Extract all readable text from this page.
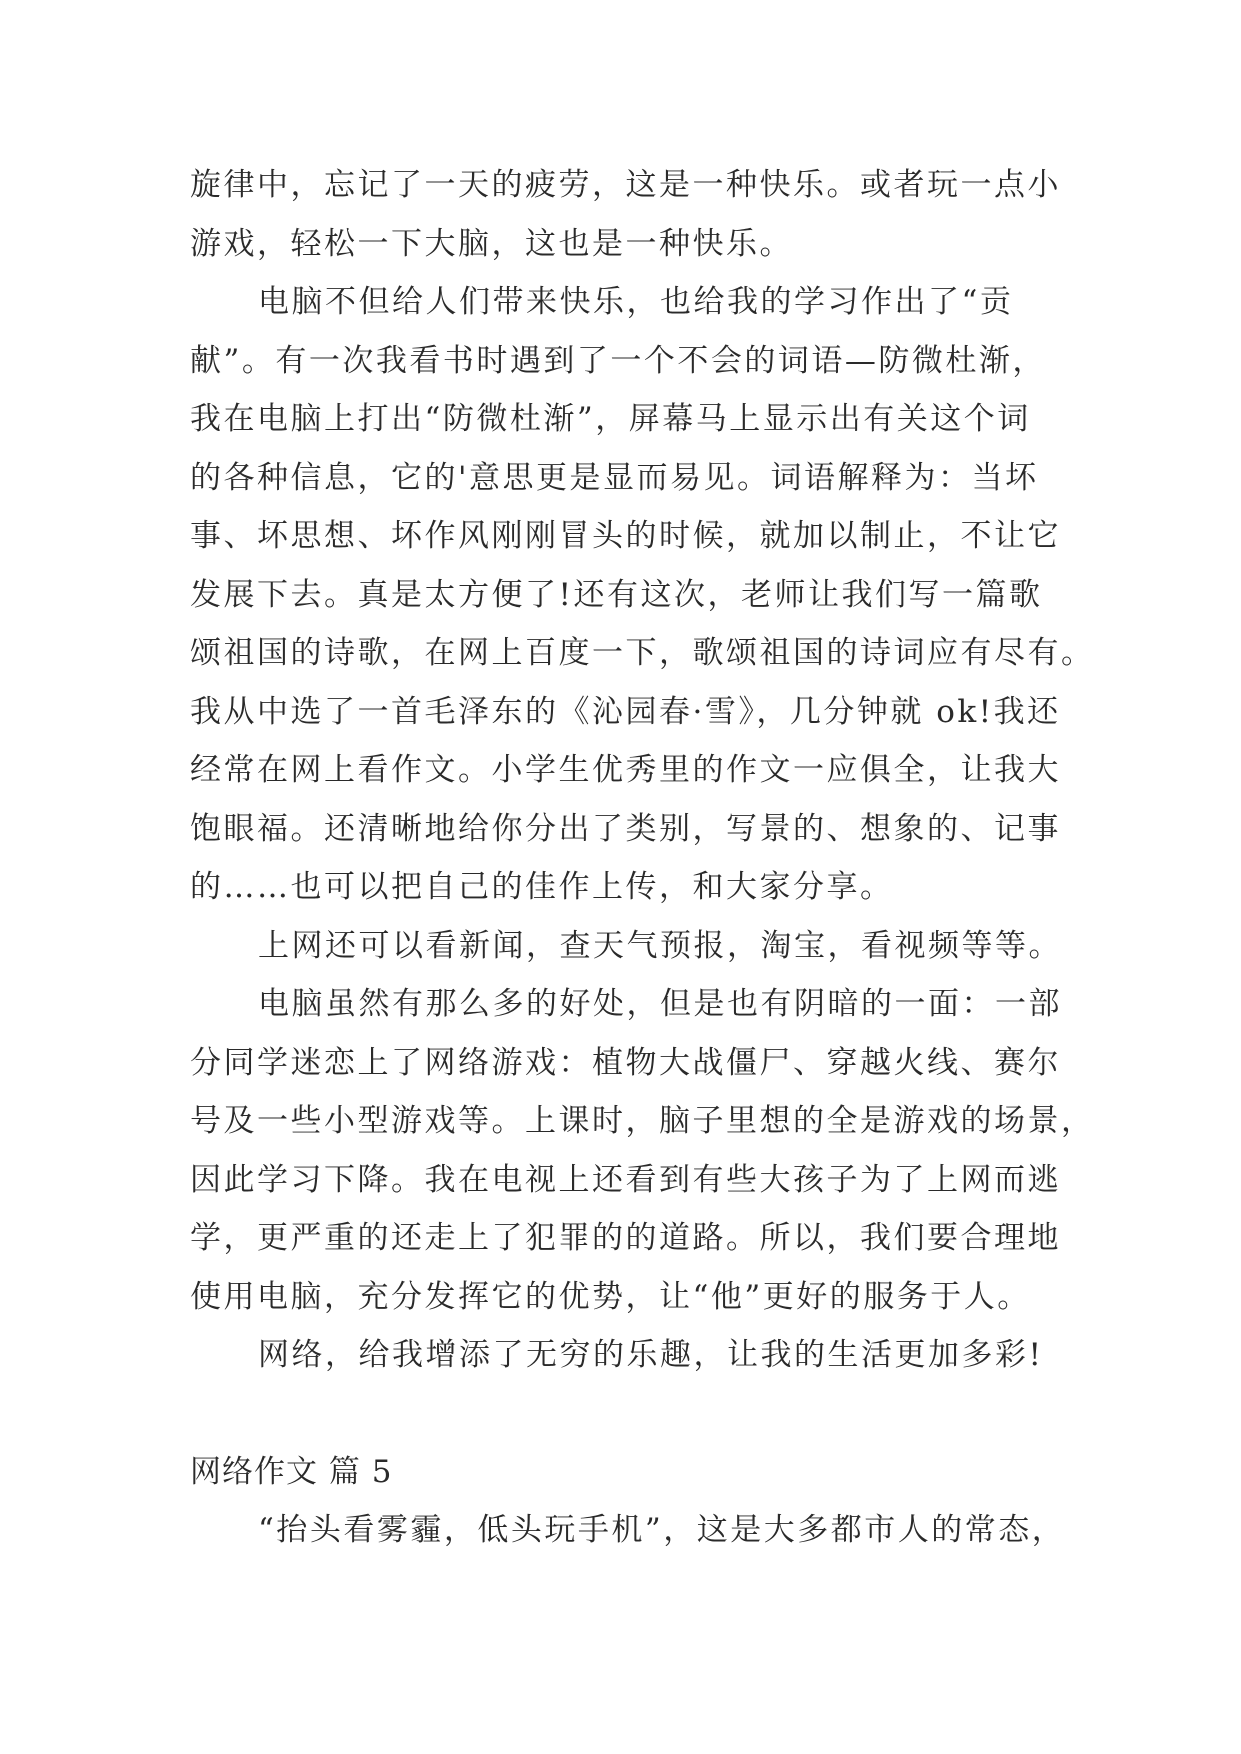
旋律中，忘记了一天的疲劳，这是一种快乐。或者玩一点小
游戏，轻松一下大脑，这也是一种快乐。
电脑不但给人们带来快乐，也给我的学习作出了“贡
献”。有一次我看书时遇到了一个不会的词语—防微杜渐，
我在电脑上打出“防微杜渐”，屏幕马上显示出有关这个词
的各种信息，它的'意思更是显而易见。词语解释为：当坏
事、坏思想、坏作风刚刚冒头的时候，就加以制止，不让它
发展下去。真是太方便了!还有这次，老师让我们写一篇歌
颂祖国的诗歌，在网上百度一下，歌颂祖国的诗词应有尽有。
我从中选了一首毛泽东的《沁园春·雪》，几分钟就 ok!我还
经常在网上看作文。小学生优秀里的作文一应俱全，让我大
饱眼福。还清晰地给你分出了类别，写景的、想象的、记事
的……也可以把自己的佳作上传，和大家分享。
上网还可以看新闻，查天气预报，淘宝，看视频等等。
电脑虽然有那么多的好处，但是也有阴暗的一面：一部
分同学迷恋上了网络游戏：植物大战僵尸、穿越火线、赛尔
号及一些小型游戏等。上课时，脑子里想的全是游戏的场景，
因此学习下降。我在电视上还看到有些大孩子为了上网而逃
学，更严重的还走上了犯罪的的道路。所以，我们要合理地
使用电脑，充分发挥它的优势，让“他”更好的服务于人。
网络，给我增添了无穷的乐趣，让我的生活更加多彩!
网络作文 篇 5
“抬头看雾霾，低头玩手机”，这是大多都市人的常态，
